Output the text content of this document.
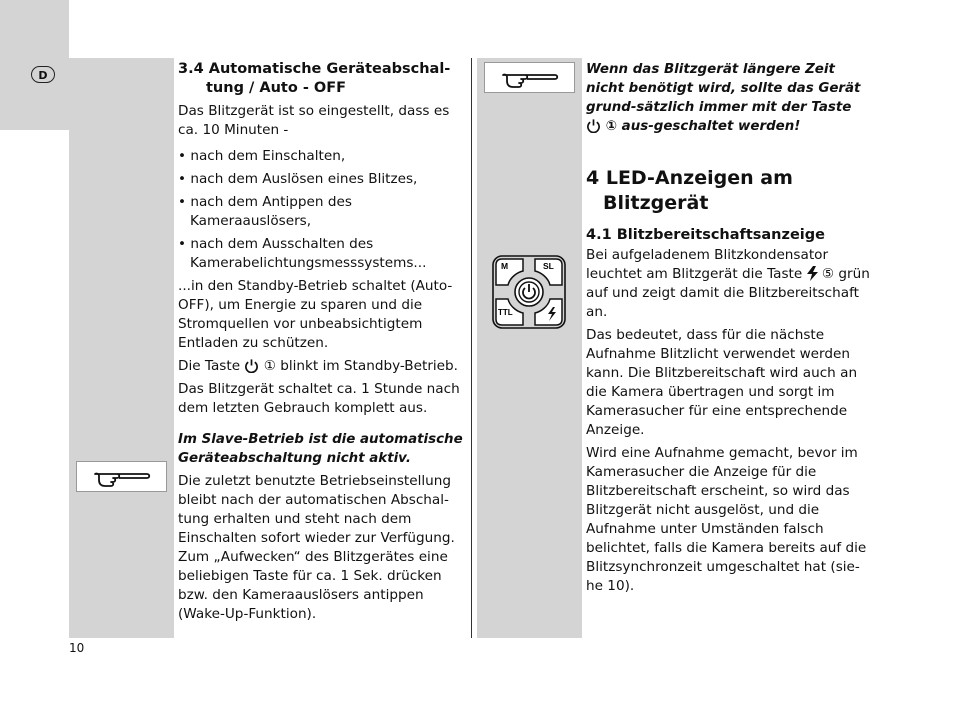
D
M	SL
TTL
3.4 Automatische Geräteabschal-
tung / Auto - OFF

Das Blitzgerät ist so eingestellt, dass es ca. 10 Minuten -

• nach dem Einschalten,
• nach dem Auslösen eines Blitzes,
• nach dem Antippen des Kameraauslösers,
• nach dem Ausschalten des Kamerabelichtungsmesssystems...

...in den Standby-Betrieb schaltet (Auto-OFF), um Energie zu sparen und die Stromquellen vor unbeabsichtigtem Entladen zu schützen.

Die Taste  ① blinkt im Standby-Betrieb.

Das Blitzgerät schaltet ca. 1 Stunde nach dem letzten Gebrauch komplett aus.

Im Slave-Betrieb ist die automatische Geräteabschaltung nicht aktiv.

Die zuletzt benutzte Betriebseinstellung bleibt nach der automatischen Abschal-tung erhalten und steht nach dem Einschalten sofort wieder zur Verfügung. Zum „Aufwecken“ des Blitzgerätes eine beliebigen Taste für ca. 1 Sek. drücken bzw. den Kameraauslösers antippen (Wake-Up-Funktion).

Wenn das Blitzgerät längere Zeit nicht benötigt wird, sollte das Gerät grund-sätzlich immer mit der Taste  ① aus-geschaltet werden!

4 LED-Anzeigen am
Blitzgerät
4.1 Blitzbereitschaftsanzeige

Bei aufgeladenem Blitzkondensator leuchtet am Blitzgerät die Taste  ⑤ grün auf und zeigt damit die Blitzbereitschaft an.

Das bedeutet, dass für die nächste Aufnahme Blitzlicht verwendet werden kann. Die Blitzbereitschaft wird auch an die Kamera übertragen und sorgt im Kamerasucher für eine entsprechende Anzeige.

Wird eine Aufnahme gemacht, bevor im Kamerasucher die Anzeige für die Blitzbereitschaft erscheint, so wird das Blitzgerät nicht ausgelöst, und die Aufnahme unter Umständen falsch belichtet, falls die Kamera bereits auf die Blitzsynchronzeit umgeschaltet hat (sie-he 10).

10
